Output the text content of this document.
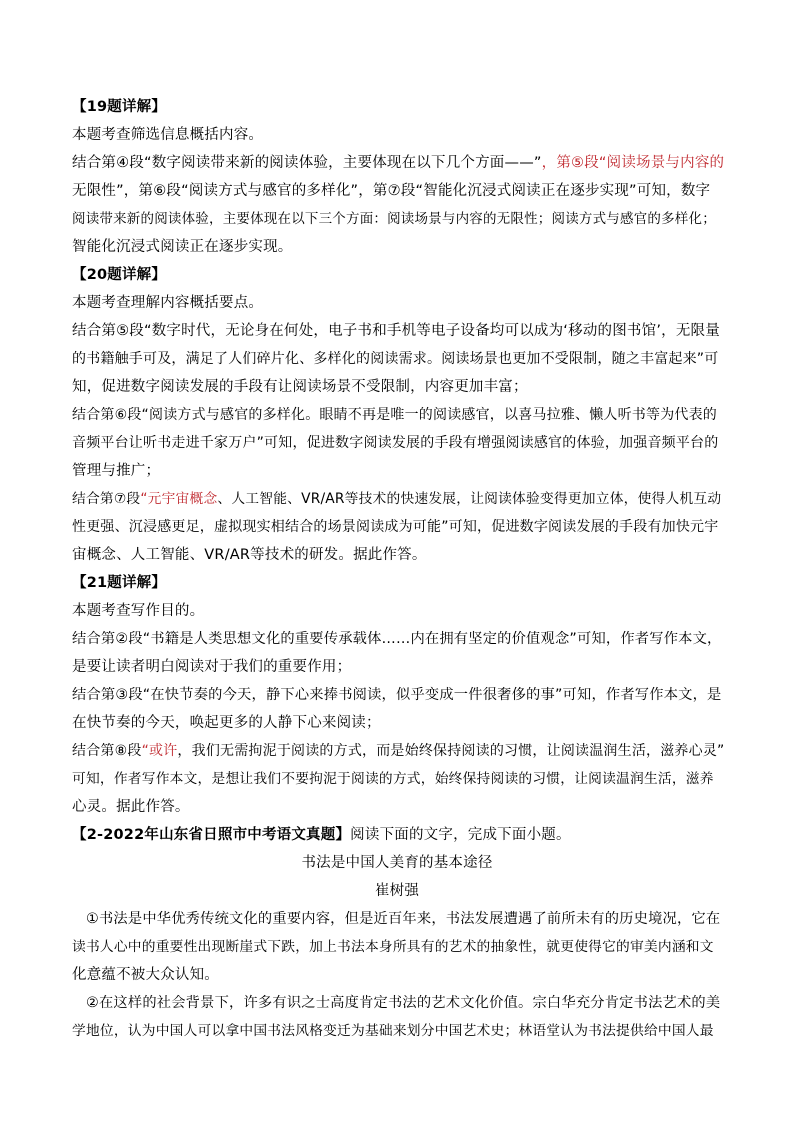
【19题详解】
本题考查筛选信息概括内容。
结合第④段“数字阅读带来新的阅读体验，主要体现在以下几个方面——”，第⑤段“阅读场景与内容的
无限性”，第⑥段“阅读方式与感官的多样化”，第⑦段“智能化沉浸式阅读正在逐步实现”可知，数字
阅读带来新的阅读体验，主要体现在以下三个方面：阅读场景与内容的无限性；阅读方式与感官的多样化；
智能化沉浸式阅读正在逐步实现。
【20题详解】
本题考查理解内容概括要点。
结合第⑤段“数字时代，无论身在何处，电子书和手机等电子设备均可以成为‘移动的图书馆’，无限量
的书籍触手可及，满足了人们碎片化、多样化的阅读需求。阅读场景也更加不受限制，随之丰富起来”可
知，促进数字阅读发展的手段有让阅读场景不受限制，内容更加丰富；
结合第⑥段“阅读方式与感官的多样化。眼睛不再是唯一的阅读感官，以喜马拉雅、懒人听书等为代表的
音频平台让听书走进千家万户”可知，促进数字阅读发展的手段有增强阅读感官的体验，加强音频平台的
管理与推广；
结合第⑦段“元宇宙概念、人工智能、VR/AR等技术的快速发展，让阅读体验变得更加立体，使得人机互动
性更强、沉浸感更足，虚拟现实相结合的场景阅读成为可能”可知，促进数字阅读发展的手段有加快元宇
宙概念、人工智能、VR/AR等技术的研发。据此作答。
【21题详解】
本题考查写作目的。
结合第②段“书籍是人类思想文化的重要传承载体……内在拥有坚定的价值观念”可知，作者写作本文，
是要让读者明白阅读对于我们的重要作用；
结合第③段“在快节奏的今天，静下心来捧书阅读，似乎变成一件很奢侈的事”可知，作者写作本文，是
在快节奏的今天，唤起更多的人静下心来阅读；
结合第⑧段“或许，我们无需拘泥于阅读的方式，而是始终保持阅读的习惯，让阅读温润生活，滋养心灵”
可知，作者写作本文，是想让我们不要拘泥于阅读的方式，始终保持阅读的习惯，让阅读温润生活，滋养
心灵。据此作答。
【2-2022年山东省日照市中考语文真题】阅读下面的文字，完成下面小题。
书法是中国人美育的基本途径
崔树强
①书法是中华优秀传统文化的重要内容，但是近百年来，书法发展遭遇了前所未有的历史境况，它在
读书人心中的重要性出现断崖式下跌，加上书法本身所具有的艺术的抽象性，就更使得它的审美内涵和文
化意蕴不被大众认知。
②在这样的社会背景下，许多有识之士高度肯定书法的艺术文化价值。宗白华充分肯定书法艺术的美
学地位，认为中国人可以拿中国书法风格变迁为基础来划分中国艺术史；林语堂认为书法提供给中国人最
